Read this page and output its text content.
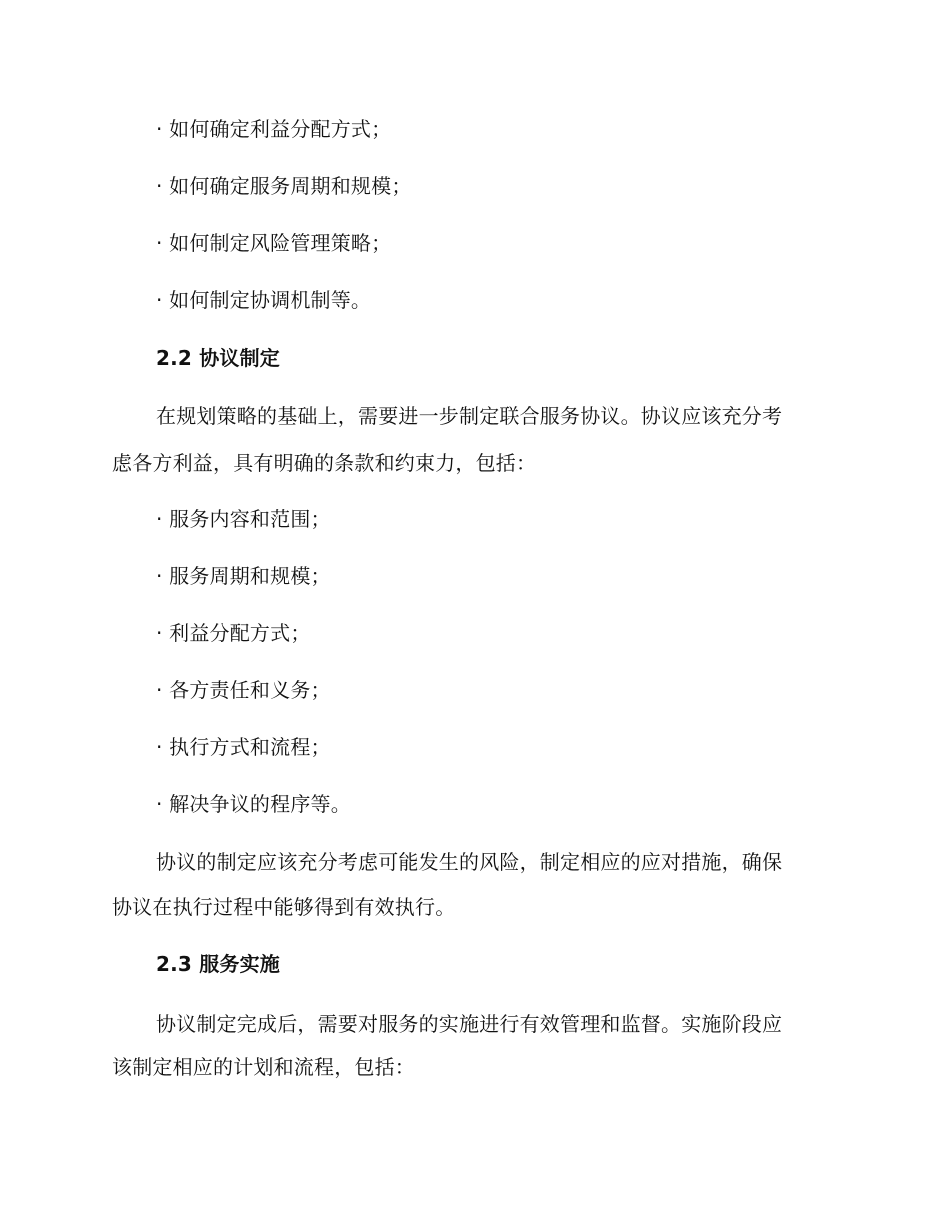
· 如何确定利益分配方式；
· 如何确定服务周期和规模；
· 如何制定风险管理策略；
· 如何制定协调机制等。
2.2 协议制定
在规划策略的基础上，需要进一步制定联合服务协议。协议应该充分考
虑各方利益，具有明确的条款和约束力，包括：
· 服务内容和范围；
· 服务周期和规模；
· 利益分配方式；
· 各方责任和义务；
· 执行方式和流程；
· 解决争议的程序等。
协议的制定应该充分考虑可能发生的风险，制定相应的应对措施，确保
协议在执行过程中能够得到有效执行。
2.3 服务实施
协议制定完成后，需要对服务的实施进行有效管理和监督。实施阶段应
该制定相应的计划和流程，包括：
